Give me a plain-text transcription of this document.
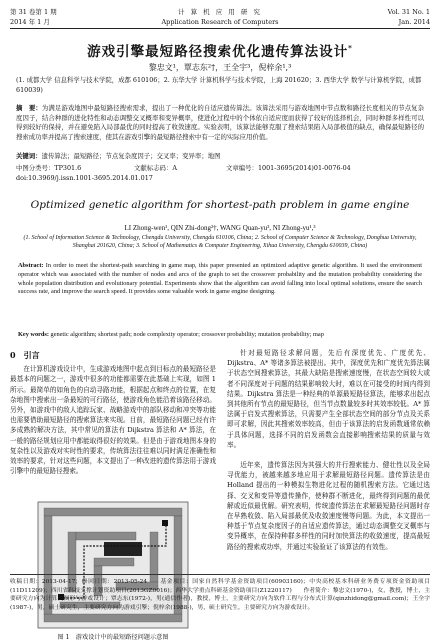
第 31 卷第 1 期
2014 年 1 月
计 算 机 应 用 研 究
Application Research of Computers
Vol. 31 No. 1
Jan. 2014
游戏引擎最短路径搜索优化遗传算法设计*
黎忠文¹，覃志东²†，王全宇³，倪梓余¹,³
(1. 成都大学 信息科学与技术学院，成都 610106；2. 东华大学 计算机科学与技术学院，上海 201620；3. 西华大学 数学与计算机学院，成都 610039)
摘　要：为满足游戏地图中最短路径搜索需求，提出了一种优化的自适应遗传算法。该算法采用与游戏地图中节点数和路径长度相关的节点复杂度因子，结合种群的进化特性和动态调整交叉概率和变异概率，使进化过程中的个体依自适应度而获得了较好的选择机会，同时种群多样性可以得到较好的保持，并在避免陷入局部最优的同时提高了收敛速度。实验表明，该算法能够克服了搜索结果陷入局部极值的缺点，确保最短路径的搜索成功率并提高了搜索速度，使其在游戏引擎的最短路径搜索中有一定的实际应用价值。
关键词：遗传算法；最短路径；节点复杂度因子；交叉率；变异率；地图
中图分类号：TP301.6	文献标志码：A	文章编号：1001-3695(2014)01-0076-04
doi:10.3969/j.issn.1001-3695.2014.01.017
Optimized genetic algorithm for shortest-path problem in game engine
LI Zhong-wen¹, QIN Zhi-dong²†, WANG Quan-yu³, NI Zhong-yu¹,³
(1. School of Information Science & Technology, Chengdu University, Chengdu 610106, China; 2. School of Computer Science & Technology, Donghua University, Shanghai 201620, China; 3. School of Mathematics & Computer Engineering, Xihua University, Chengdu 610039, China)
Abstract: In order to meet the shortest-path searching in game map, this paper presented an optimized adaptive genetic algorithm. It used the environment operator which was associated with the number of nodes and arcs of the graph to set the crossover probability and the mutation probability considering the whole population distribution and evolutionary potential. Experiments show that the algorithm can avoid falling into local optimal solutions, ensure the search success rate, and improve the search speed. It provides some valuable work in game engine designing.
Key words: genetic algorithm; shortest path; node complexity operator; crossover probability; mutation probability; map
0　引言

在计算机游戏设计中，生成游戏地图中起点到目标点的最短路径是最基本的问题之一，游戏中很多的功能都需要在此基础上实现，如图 1 所示。最简单的如角色的自动寻路功能，根据起点和终点的位置，在复杂地图中搜索出一条最短的可行路径，使游戏角色能沿着该路径移动。另外，如游戏中的敌人追踪玩家、战略游戏中的部队移动和冲突等功能也需要借助最短路径的搜索算法来实现。目前，最短路径问题已经有许多成熟的解决方法，其中常见的算法有 Dijkstra 算法和 A* 算法，在一般的路径规划应用中都能取得很好的效果。但是由于游戏地图本身的复杂性以及游戏对实时性的要求，传统算法往往难以同时满足准确性和效率的要求，针对这些问题，本文提出了一种改进的遗传算法用于游戏引擎中的最短路径搜索。

图 1　游戏设计中的最短路径问题示意图

针对最短路径求解问题，先后有深度优先、广度优先、Dijkstra、A* 等诸多算法被提出。其中，深度优先和广度优先算法属于状态空间搜索算法，其最大缺陷是搜索速度慢，在状态空间较大或者不同深度对于问题的结果影响较大时，难以在可接受的时间内得到结果。Dijkstra 算法是一种经典的单源最短路径算法，能够求出起点到其他所有节点的最短路径，但当节点数量较多时其效率较低。A* 算法属于启发式搜索算法，只需要产生全部状态空间的部分节点及关系即可求解，因此其搜索效率较高，但由于该算法的启发函数通常依赖于具体问题，选择不同的启发函数会直接影响搜索结果的质量与效率。

近年来，遗传算法因为其强大的并行搜索能力、健壮性以及全局寻优能力，被越来越多地应用于求解最短路径问题。遗传算法是由 Holland 提出的一种模拟生物进化过程的随机搜索方法。它通过选择、交叉和变异等遗传操作，使种群不断进化，最终得到问题的最优解或近似最优解。研究表明，传统遗传算法在求解最短路径问题时存在早熟收敛、陷入局部最优及收敛速度慢等问题。为此，本文提出一种基于节点复杂度因子的自适应遗传算法，通过动态调整交叉概率与变异概率，在保持种群多样性的同时加快算法的收敛速度，提高最短路径的搜索成功率，并通过实验验证了该算法的有效性。

收稿日期：2013-04-17；修回日期：2013-05-24　　基金项目：国家自然科学基金资助项目(60903160)；中央高校基本科研业务费专项资金资助项目(11D11209)；四川省科技支撑计划资助项目(2013GZ0016)；西华大学重点科研基金资助项目(Z1220117)　　作者简介：黎忠文(1970-)，女，教授，博士，主要研究方向为计算机图形与游戏设计；覃志东(1972-)，男(通信作者)，教授，博士，主要研究方向为软件工程与分布式计算(qinzhidong@gmail.com)；王全宇(1987-)，男，硕士研究生，主要研究方向为游戏引擎；倪梓余(1988-)，男，硕士研究生，主要研究方向为游戏设计。
